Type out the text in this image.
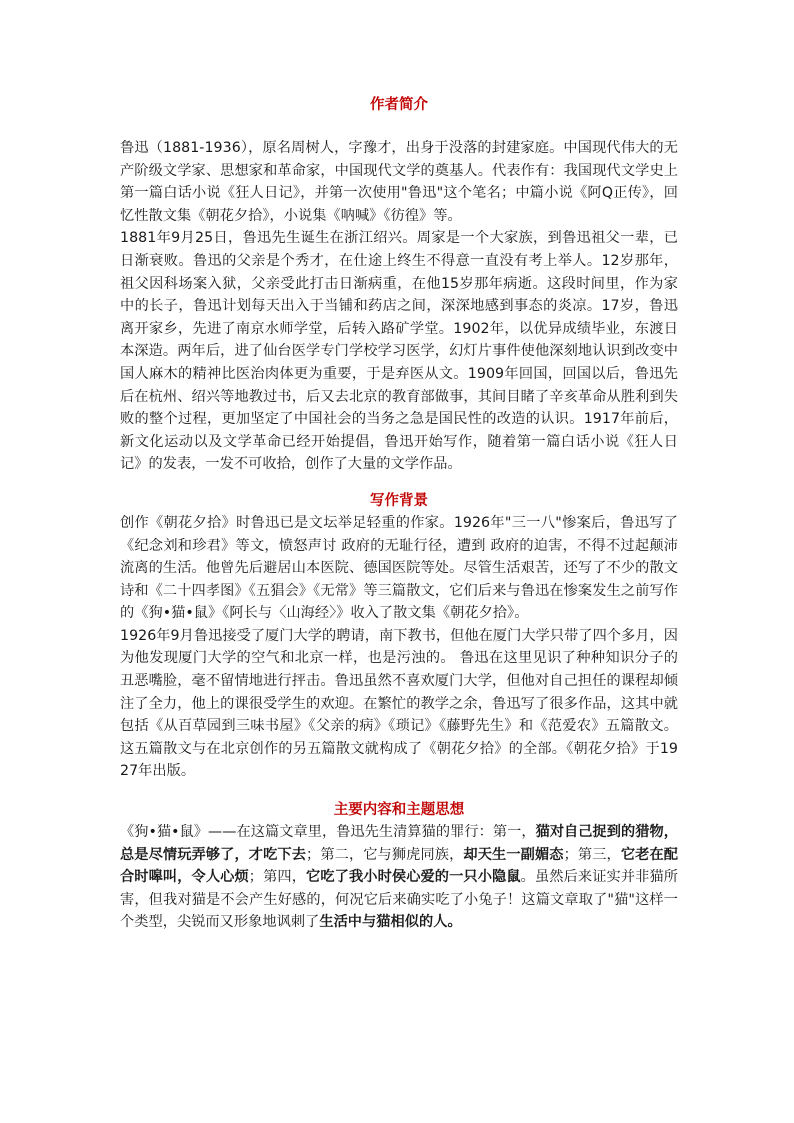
作者简介

鲁迅（1881-1936），原名周树人，字豫才，出身于没落的封建家庭。中国现代伟大的无产阶级文学家、思想家和革命家，中国现代文学的奠基人。代表作有：我国现代文学史上第一篇白话小说《狂人日记》，并第一次使用"鲁迅"这个笔名；中篇小说《阿Q正传》，回忆性散文集《朝花夕拾》，小说集《呐喊》《彷徨》等。

1881年9月25日，鲁迅先生诞生在浙江绍兴。周家是一个大家族，到鲁迅祖父一辈，已日渐衰败。鲁迅的父亲是个秀才，在仕途上终生不得意一直没有考上举人。12岁那年，祖父因科场案入狱，父亲受此打击日渐病重，在他15岁那年病逝。这段时间里，作为家中的长子，鲁迅计划每天出入于当铺和药店之间，深深地感到事态的炎凉。17岁，鲁迅离开家乡，先进了南京水师学堂，后转入路矿学堂。1902年，以优异成绩毕业，东渡日本深造。两年后，进了仙台医学专门学校学习医学，幻灯片事件使他深刻地认识到改变中国人麻木的精神比医治肉体更为重要，于是弃医从文。1909年回国，回国以后，鲁迅先后在杭州、绍兴等地教过书，后又去北京的教育部做事，其间目睹了辛亥革命从胜利到失败的整个过程，更加坚定了中国社会的当务之急是国民性的改造的认识。1917年前后，新文化运动以及文学革命已经开始提倡，鲁迅开始写作，随着第一篇白话小说《狂人日记》的发表，一发不可收拾，创作了大量的文学作品。

写作背景

创作《朝花夕拾》时鲁迅已是文坛举足轻重的作家。1926年"三一八"惨案后，鲁迅写了《纪念刘和珍君》等文，愤怒声讨 政府的无耻行径，遭到 政府的迫害，不得不过起颠沛流离的生活。他曾先后避居山本医院、德国医院等处。尽管生活艰苦，还写了不少的散文诗和《二十四孝图》《五猖会》《无常》等三篇散文，它们后来与鲁迅在惨案发生之前写作的《狗•猫•鼠》《阿长与〈山海经〉》收入了散文集《朝花夕拾》。

1926年9月鲁迅接受了厦门大学的聘请，南下教书，但他在厦门大学只带了四个多月，因为他发现厦门大学的空气和北京一样，也是污浊的。 鲁迅在这里见识了种种知识分子的丑恶嘴脸，毫不留情地进行抨击。鲁迅虽然不喜欢厦门大学，但他对自己担任的课程却倾注了全力，他上的课很受学生的欢迎。在繁忙的教学之余，鲁迅写了很多作品，这其中就包括《从百草园到三味书屋》《父亲的病》《琐记》《藤野先生》和《范爱农》五篇散文。这五篇散文与在北京创作的另五篇散文就构成了《朝花夕拾》的全部。《朝花夕拾》于1927年出版。

主要内容和主题思想

《狗•猫•鼠》——在这篇文章里，鲁迅先生清算猫的罪行：第一，猫对自己捉到的猎物，总是尽情玩弄够了，才吃下去；第二，它与狮虎同族，却天生一副媚态；第三，它老在配合时嗥叫，令人心烦；第四，它吃了我小时侯心爱的一只小隐鼠。虽然后来证实并非猫所害，但我对猫是不会产生好感的，何况它后来确实吃了小兔子！这篇文章取了"猫"这样一个类型，尖锐而又形象地讽刺了生活中与猫相似的人。
